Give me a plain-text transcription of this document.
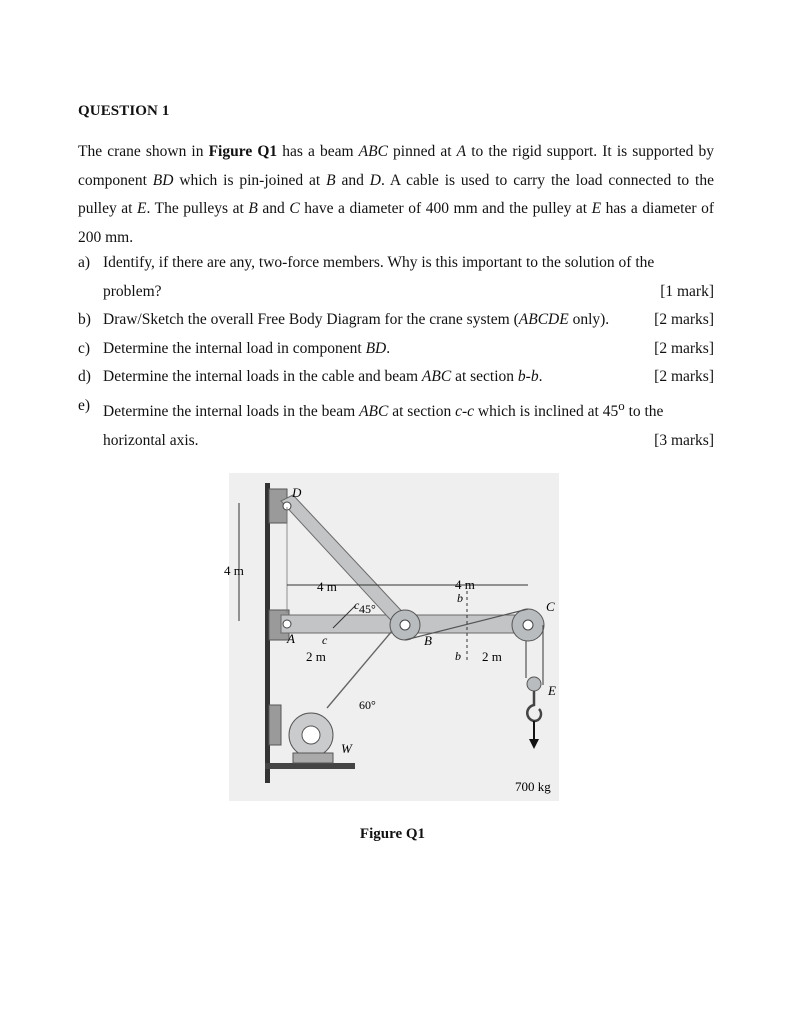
QUESTION 1
The crane shown in Figure Q1 has a beam ABC pinned at A to the rigid support. It is supported by component BD which is pin-joined at B and D. A cable is used to carry the load connected to the pulley at E. The pulleys at B and C have a diameter of 400 mm and the pulley at E has a diameter of 200 mm.
a) Identify, if there are any, two-force members. Why is this important to the solution of the problem?	[1 mark]
b) Draw/Sketch the overall Free Body Diagram for the crane system (ABCDE only).	[2 marks]
c) Determine the internal load in component BD.	[2 marks]
d) Determine the internal loads in the cable and beam ABC at section b-b.	[2 marks]
e) Determine the internal loads in the beam ABC at section c-c which is inclined at 45$^o$ to the horizontal axis.	[3 marks]
D
A	B
C
E
W
4 m
4 m	4 m
b
b
c
c
45°
60°
2 m	2 m
700 kg
Figure Q1
